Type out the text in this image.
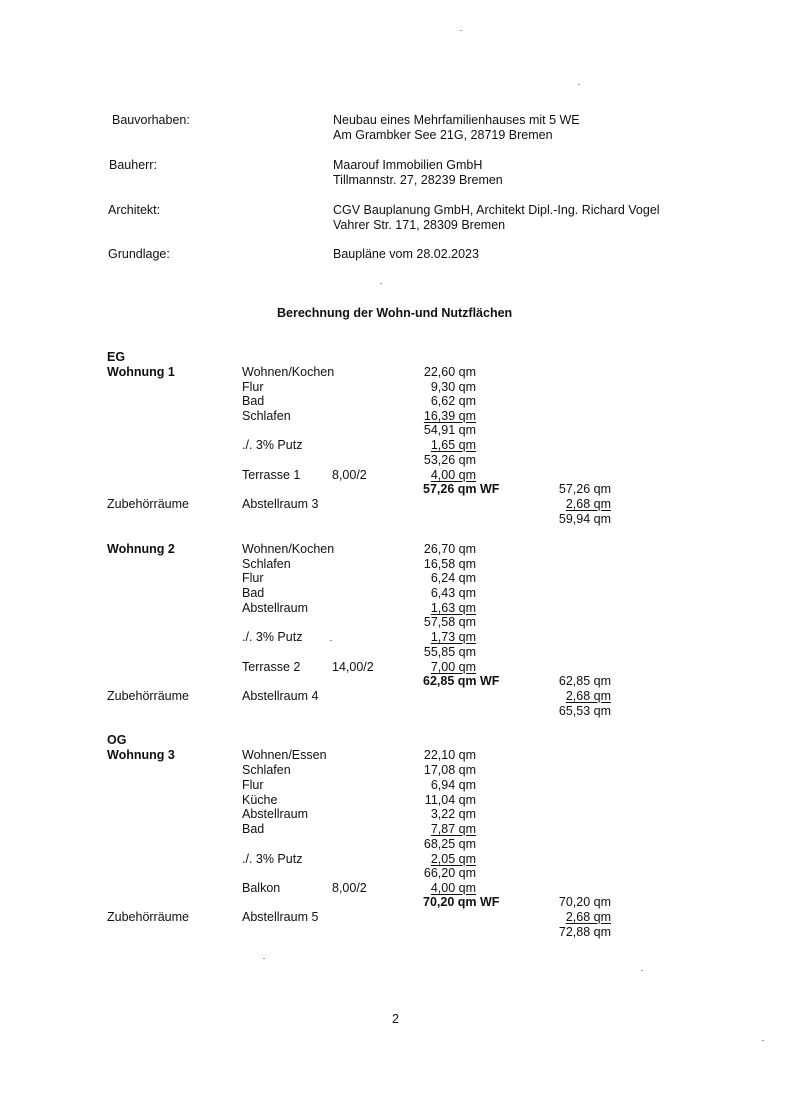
Bauvorhaben:	Neubau eines Mehrfamilienhauses mit 5 WE
Am Grambker See 21G, 28719 Bremen
Bauherr:	Maarouf Immobilien GmbH
Tillmannstr. 27, 28239 Bremen
Architekt:	CGV Bauplanung GmbH, Architekt Dipl.-Ing. Richard Vogel
Vahrer Str. 171, 28309 Bremen
Grundlage:	Baupläne vom 28.02.2023
Berechnung der Wohn-und Nutzflächen
EG
Wohnung 1	Wohnen/Kochen	22,60 qm
Flur	9,30 qm
Bad	6,62 qm
Schlafen	16,39 qm
54,91 qm
./. 3% Putz	1,65 qm
53,26 qm
Terrasse 1	8,00/2	4,00 qm
57,26 qm WF	57,26 qm
Zubehörräume	Abstellraum 3	2,68 qm
59,94 qm
Wohnung 2	Wohnen/Kochen	26,70 qm
Schlafen	16,58 qm
Flur	6,24 qm
Bad	6,43 qm
Abstellraum	1,63 qm
57,58 qm
./. 3% Putz	1,73 qm
55,85 qm
Terrasse 2	14,00/2	7,00 qm
62,85 qm WF	62,85 qm
Zubehörräume	Abstellraum 4	2,68 qm
65,53 qm
OG
Wohnung 3	Wohnen/Essen	22,10 qm
Schlafen	17,08 qm
Flur	6,94 qm
Küche	11,04 qm
Abstellraum	3,22 qm
Bad	7,87 qm
68,25 qm
./. 3% Putz	2,05 qm
66,20 qm
Balkon	8,00/2	4,00 qm
70,20 qm WF	70,20 qm
Zubehörräume	Abstellraum 5	2,68 qm
72,88 qm
2
